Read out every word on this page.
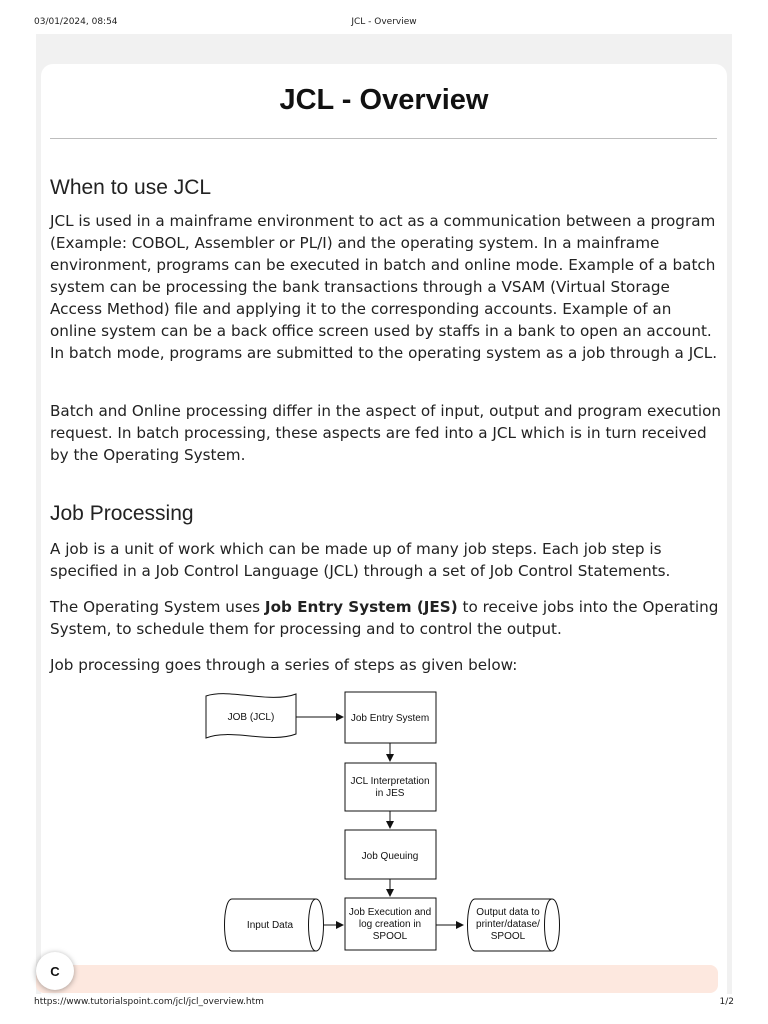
03/01/2024, 08:54	JCL - Overview
JCL - Overview
When to use JCL
JCL is used in a mainframe environment to act as a communication between a program (Example: COBOL, Assembler or PL/I) and the operating system. In a mainframe environment, programs can be executed in batch and online mode. Example of a batch system can be processing the bank transactions through a VSAM (Virtual Storage Access Method) file and applying it to the corresponding accounts. Example of an online system can be a back office screen used by staffs in a bank to open an account. In batch mode, programs are submitted to the operating system as a job through a JCL.
Batch and Online processing differ in the aspect of input, output and program execution request. In batch processing, these aspects are fed into a JCL which is in turn received by the Operating System.
Job Processing
A job is a unit of work which can be made up of many job steps. Each job step is specified in a Job Control Language (JCL) through a set of Job Control Statements.
The Operating System uses Job Entry System (JES) to receive jobs into the Operating System, to schedule them for processing and to control the output.
Job processing goes through a series of steps as given below:
JOB (JCL)	Job Entry System
JCL Interpretation
in JES
Job Queuing
Input Data
Job Execution and
log creation in
SPOOL
Output data to
printer/datase/
SPOOL
C
https://www.tutorialspoint.com/jcl/jcl_overview.htm	1/2
